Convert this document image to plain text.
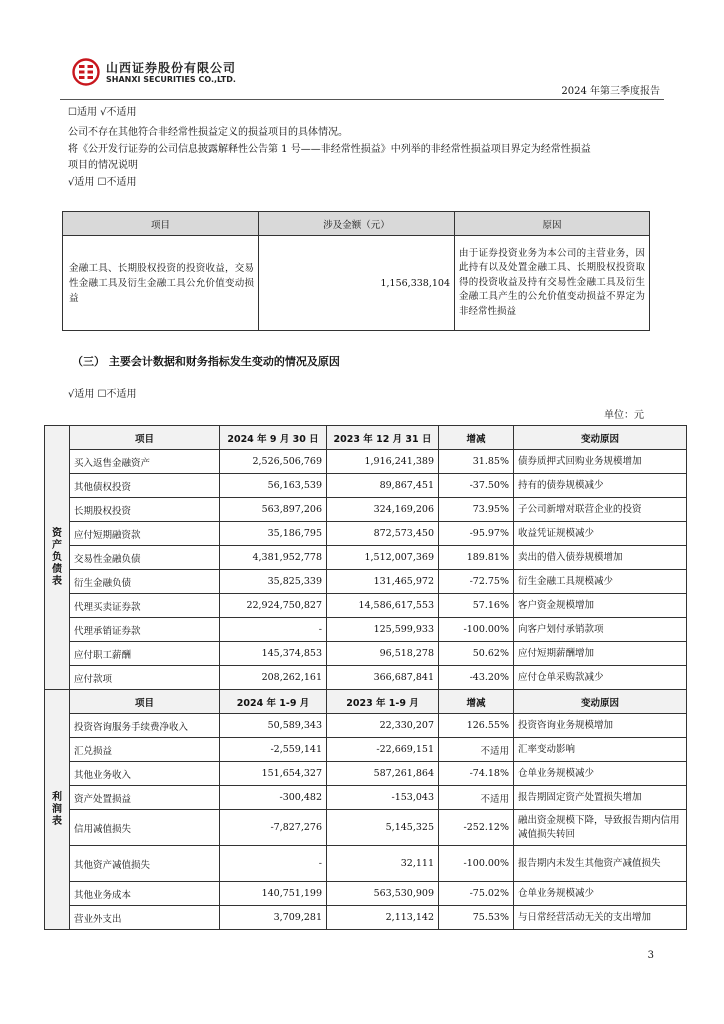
山西证券股份有限公司
SHANXI SECURITIES CO.,LTD.
2024 年第三季度报告
☐适用 √不适用
公司不存在其他符合非经常性损益定义的损益项目的具体情况。
将《公开发行证券的公司信息披露解释性公告第 1 号——非经常性损益》中列举的非经常性损益项目界定为经常性损益
项目的情况说明
√适用 ☐不适用
项目	涉及金额（元）	原因
金融工具、长期股权投资的投资收益，交易性金融工具及衍生金融工具公允价值变动损益	1,156,338,104	由于证券投资业务为本公司的主营业务，因此持有以及处置金融工具、长期股权投资取得的投资收益及持有交易性金融工具及衍生金融工具产生的公允价值变动损益不界定为非经常性损益
（三） 主要会计数据和财务指标发生变动的情况及原因
√适用 ☐不适用
单位：元
资产负债表	项目	2024 年 9 月 30 日	2023 年 12 月 31 日	增减	变动原因
	买入返售金融资产	2,526,506,769	1,916,241,389	31.85%	债券质押式回购业务规模增加
	其他债权投资	56,163,539	89,867,451	-37.50%	持有的债券规模减少
	长期股权投资	563,897,206	324,169,206	73.95%	子公司新增对联营企业的投资
	应付短期融资款	35,186,795	872,573,450	-95.97%	收益凭证规模减少
	交易性金融负债	4,381,952,778	1,512,007,369	189.81%	卖出的借入债券规模增加
	衍生金融负债	35,825,339	131,465,972	-72.75%	衍生金融工具规模减少
	代理买卖证券款	22,924,750,827	14,586,617,553	57.16%	客户资金规模增加
	代理承销证券款	-	125,599,933	-100.00%	向客户划付承销款项
	应付职工薪酬	145,374,853	96,518,278	50.62%	应付短期薪酬增加
	应付款项	208,262,161	366,687,841	-43.20%	应付仓单采购款减少
利润表	项目	2024 年 1-9 月	2023 年 1-9 月	增减	变动原因
	投资咨询服务手续费净收入	50,589,343	22,330,207	126.55%	投资咨询业务规模增加
	汇兑损益	-2,559,141	-22,669,151	不适用	汇率变动影响
	其他业务收入	151,654,327	587,261,864	-74.18%	仓单业务规模减少
	资产处置损益	-300,482	-153,043	不适用	报告期固定资产处置损失增加
	信用减值损失	-7,827,276	5,145,325	-252.12%	融出资金规模下降，导致报告期内信用减值损失转回
	其他资产减值损失	-	32,111	-100.00%	报告期内未发生其他资产减值损失
	其他业务成本	140,751,199	563,530,909	-75.02%	仓单业务规模减少
	营业外支出	3,709,281	2,113,142	75.53%	与日常经营活动无关的支出增加
3
